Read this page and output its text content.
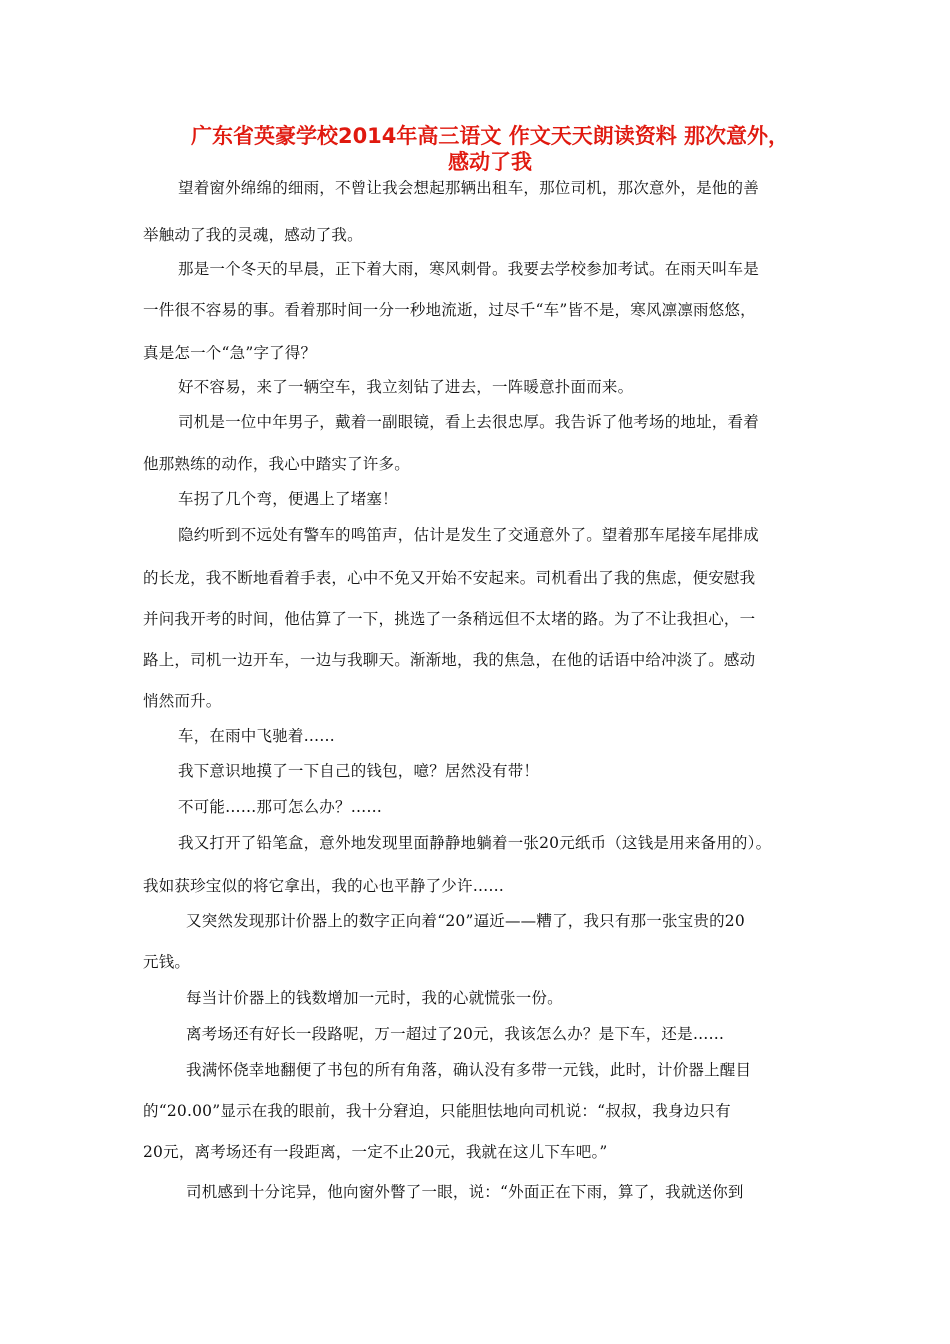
广东省英豪学校2014年高三语文 作文天天朗读资料 那次意外，
感动了我
望着窗外绵绵的细雨，不曾让我会想起那辆出租车，那位司机，那次意外，是他的善
举触动了我的灵魂，感动了我。
那是一个冬天的早晨，正下着大雨，寒风刺骨。我要去学校参加考试。在雨天叫车是
一件很不容易的事。看着那时间一分一秒地流逝，过尽千“车”皆不是，寒风凛凛雨悠悠，
真是怎一个“急”字了得？
好不容易，来了一辆空车，我立刻钻了进去，一阵暖意扑面而来。
司机是一位中年男子，戴着一副眼镜，看上去很忠厚。我告诉了他考场的地址，看着
他那熟练的动作，我心中踏实了许多。
车拐了几个弯，便遇上了堵塞！
隐约听到不远处有警车的鸣笛声，估计是发生了交通意外了。望着那车尾接车尾排成
的长龙，我不断地看着手表，心中不免又开始不安起来。司机看出了我的焦虑，便安慰我
并问我开考的时间，他估算了一下，挑选了一条稍远但不太堵的路。为了不让我担心，一
路上，司机一边开车，一边与我聊天。渐渐地，我的焦急，在他的话语中给冲淡了。感动
悄然而升。
车，在雨中飞驰着……
我下意识地摸了一下自己的钱包，噫？居然没有带！
不可能……那可怎么办？……
我又打开了铅笔盒，意外地发现里面静静地躺着一张20元纸币（这钱是用来备用的）。
我如获珍宝似的将它拿出，我的心也平静了少许……
又突然发现那计价器上的数字正向着“20”逼近——糟了，我只有那一张宝贵的20
元钱。
每当计价器上的钱数增加一元时，我的心就慌张一份。
离考场还有好长一段路呢，万一超过了20元，我该怎么办？是下车，还是……
我满怀侥幸地翻便了书包的所有角落，确认没有多带一元钱，此时，计价器上醒目
的“20.00”显示在我的眼前，我十分窘迫，只能胆怯地向司机说：“叔叔，我身边只有
20元，离考场还有一段距离，一定不止20元，我就在这儿下车吧。”
司机感到十分诧异，他向窗外瞥了一眼，说：“外面正在下雨，算了，我就送你到
